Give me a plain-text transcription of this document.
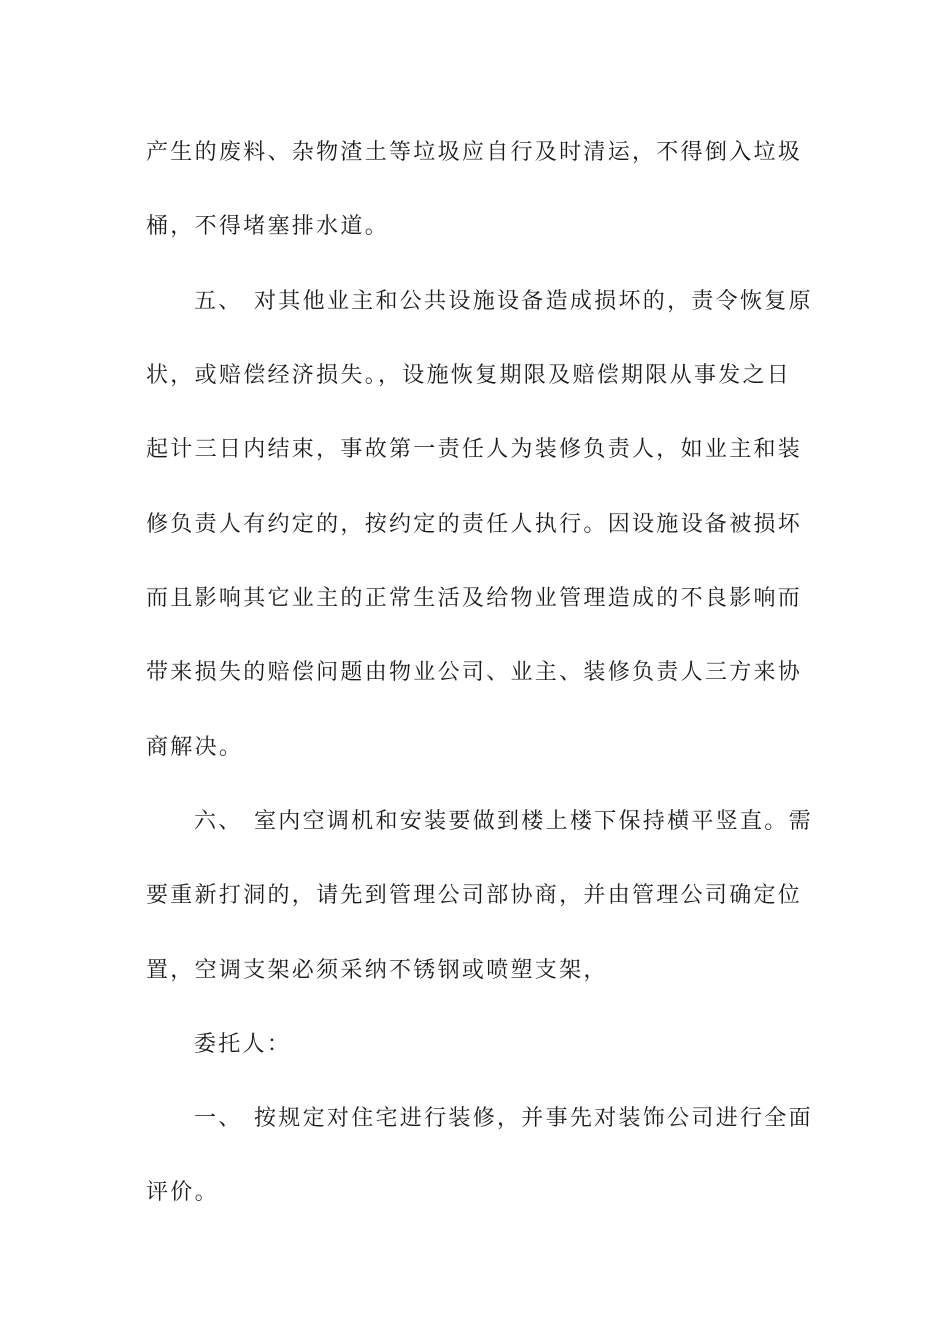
产生的废料、杂物渣土等垃圾应自行及时清运，不得倒入垃圾
桶，不得堵塞排水道。
五、 对其他业主和公共设施设备造成损坏的，责令恢复原
状，或赔偿经济损失。，设施恢复期限及赔偿期限从事发之日
起计三日内结束，事故第一责任人为装修负责人，如业主和装
修负责人有约定的，按约定的责任人执行。因设施设备被损坏
而且影响其它业主的正常生活及给物业管理造成的不良影响而
带来损失的赔偿问题由物业公司、业主、装修负责人三方来协
商解决。
六、 室内空调机和安装要做到楼上楼下保持横平竖直。需
要重新打洞的，请先到管理公司部协商，并由管理公司确定位
置，空调支架必须采纳不锈钢或喷塑支架，
委托人：
一、 按规定对住宅进行装修，并事先对装饰公司进行全面
评价。
